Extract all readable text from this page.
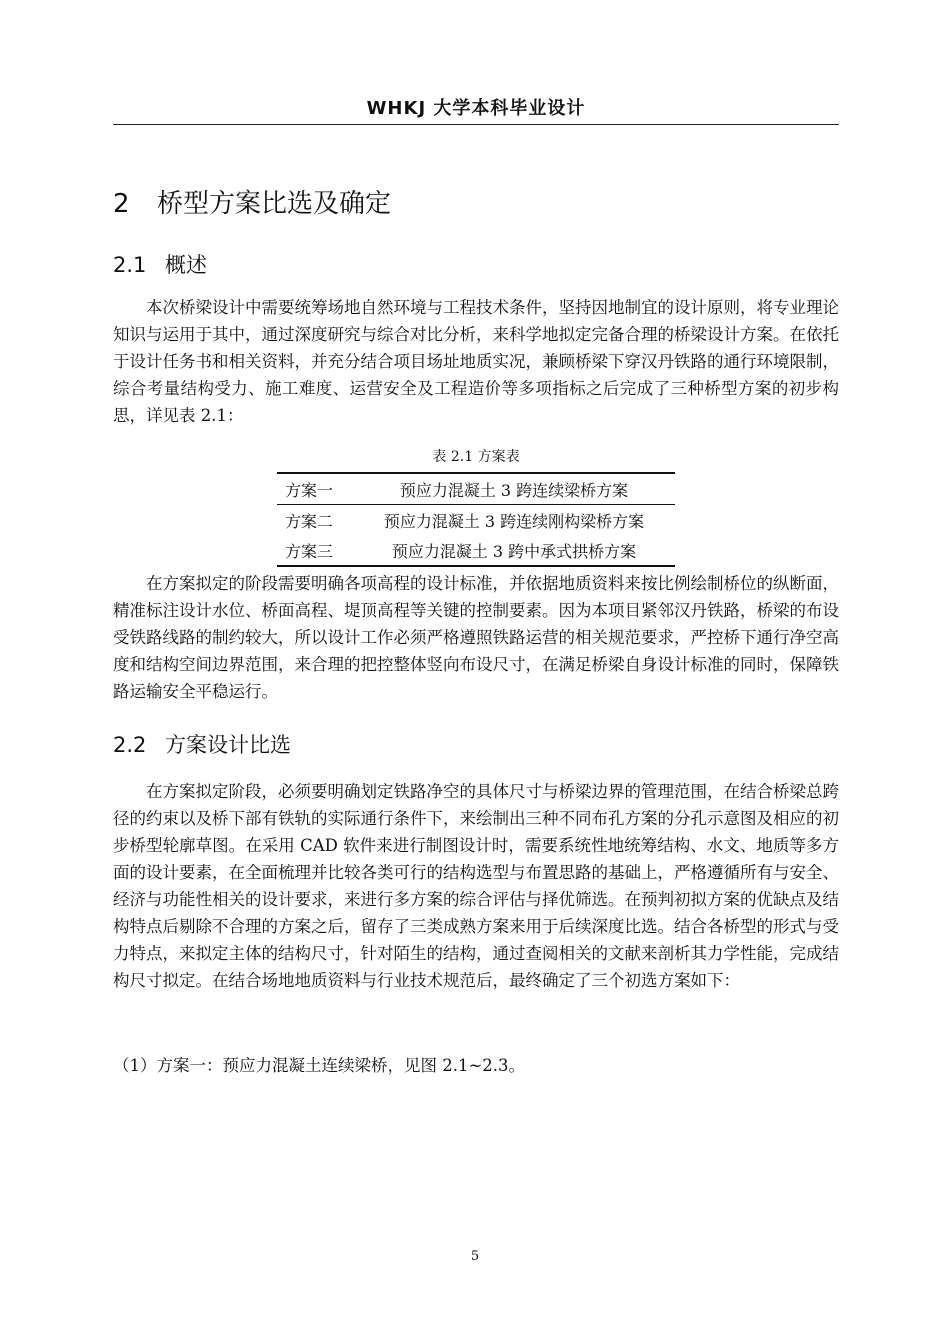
WHKJ 大学本科毕业设计
2 桥型方案比选及确定
2.1 概述

本次桥梁设计中需要统筹场地自然环境与工程技术条件，坚持因地制宜的设计原则，将专业理论知识与运用于其中，通过深度研究与综合对比分析，来科学地拟定完备合理的桥梁设计方案。在依托于设计任务书和相关资料，并充分结合项目场址地质实况，兼顾桥梁下穿汉丹铁路的通行环境限制，综合考量结构受力、施工难度、运营安全及工程造价等多项指标之后完成了三种桥型方案的初步构思，详见表 2.1：

表 2.1 方案表
方案一	预应力混凝土 3 跨连续梁桥方案
方案二	预应力混凝土 3 跨连续刚构梁桥方案
方案三	预应力混凝土 3 跨中承式拱桥方案

在方案拟定的阶段需要明确各项高程的设计标准，并依据地质资料来按比例绘制桥位的纵断面，精准标注设计水位、桥面高程、堤顶高程等关键的控制要素。因为本项目紧邻汉丹铁路，桥梁的布设受铁路线路的制约较大，所以设计工作必须严格遵照铁路运营的相关规范要求，严控桥下通行净空高度和结构空间边界范围，来合理的把控整体竖向布设尺寸，在满足桥梁自身设计标准的同时，保障铁路运输安全平稳运行。

2.2 方案设计比选

在方案拟定阶段，必须要明确划定铁路净空的具体尺寸与桥梁边界的管理范围，在结合桥梁总跨径的约束以及桥下部有铁轨的实际通行条件下，来绘制出三种不同布孔方案的分孔示意图及相应的初步桥型轮廓草图。在采用 CAD 软件来进行制图设计时，需要系统性地统筹结构、水文、地质等多方面的设计要素，在全面梳理并比较各类可行的结构选型与布置思路的基础上，严格遵循所有与安全、经济与功能性相关的设计要求，来进行多方案的综合评估与择优筛选。在预判初拟方案的优缺点及结构特点后剔除不合理的方案之后，留存了三类成熟方案来用于后续深度比选。结合各桥型的形式与受力特点，来拟定主体的结构尺寸，针对陌生的结构，通过查阅相关的文献来剖析其力学性能，完成结构尺寸拟定。在结合场地地质资料与行业技术规范后，最终确定了三个初选方案如下：

（1）方案一：预应力混凝土连续梁桥，见图 2.1~2.3。

5
